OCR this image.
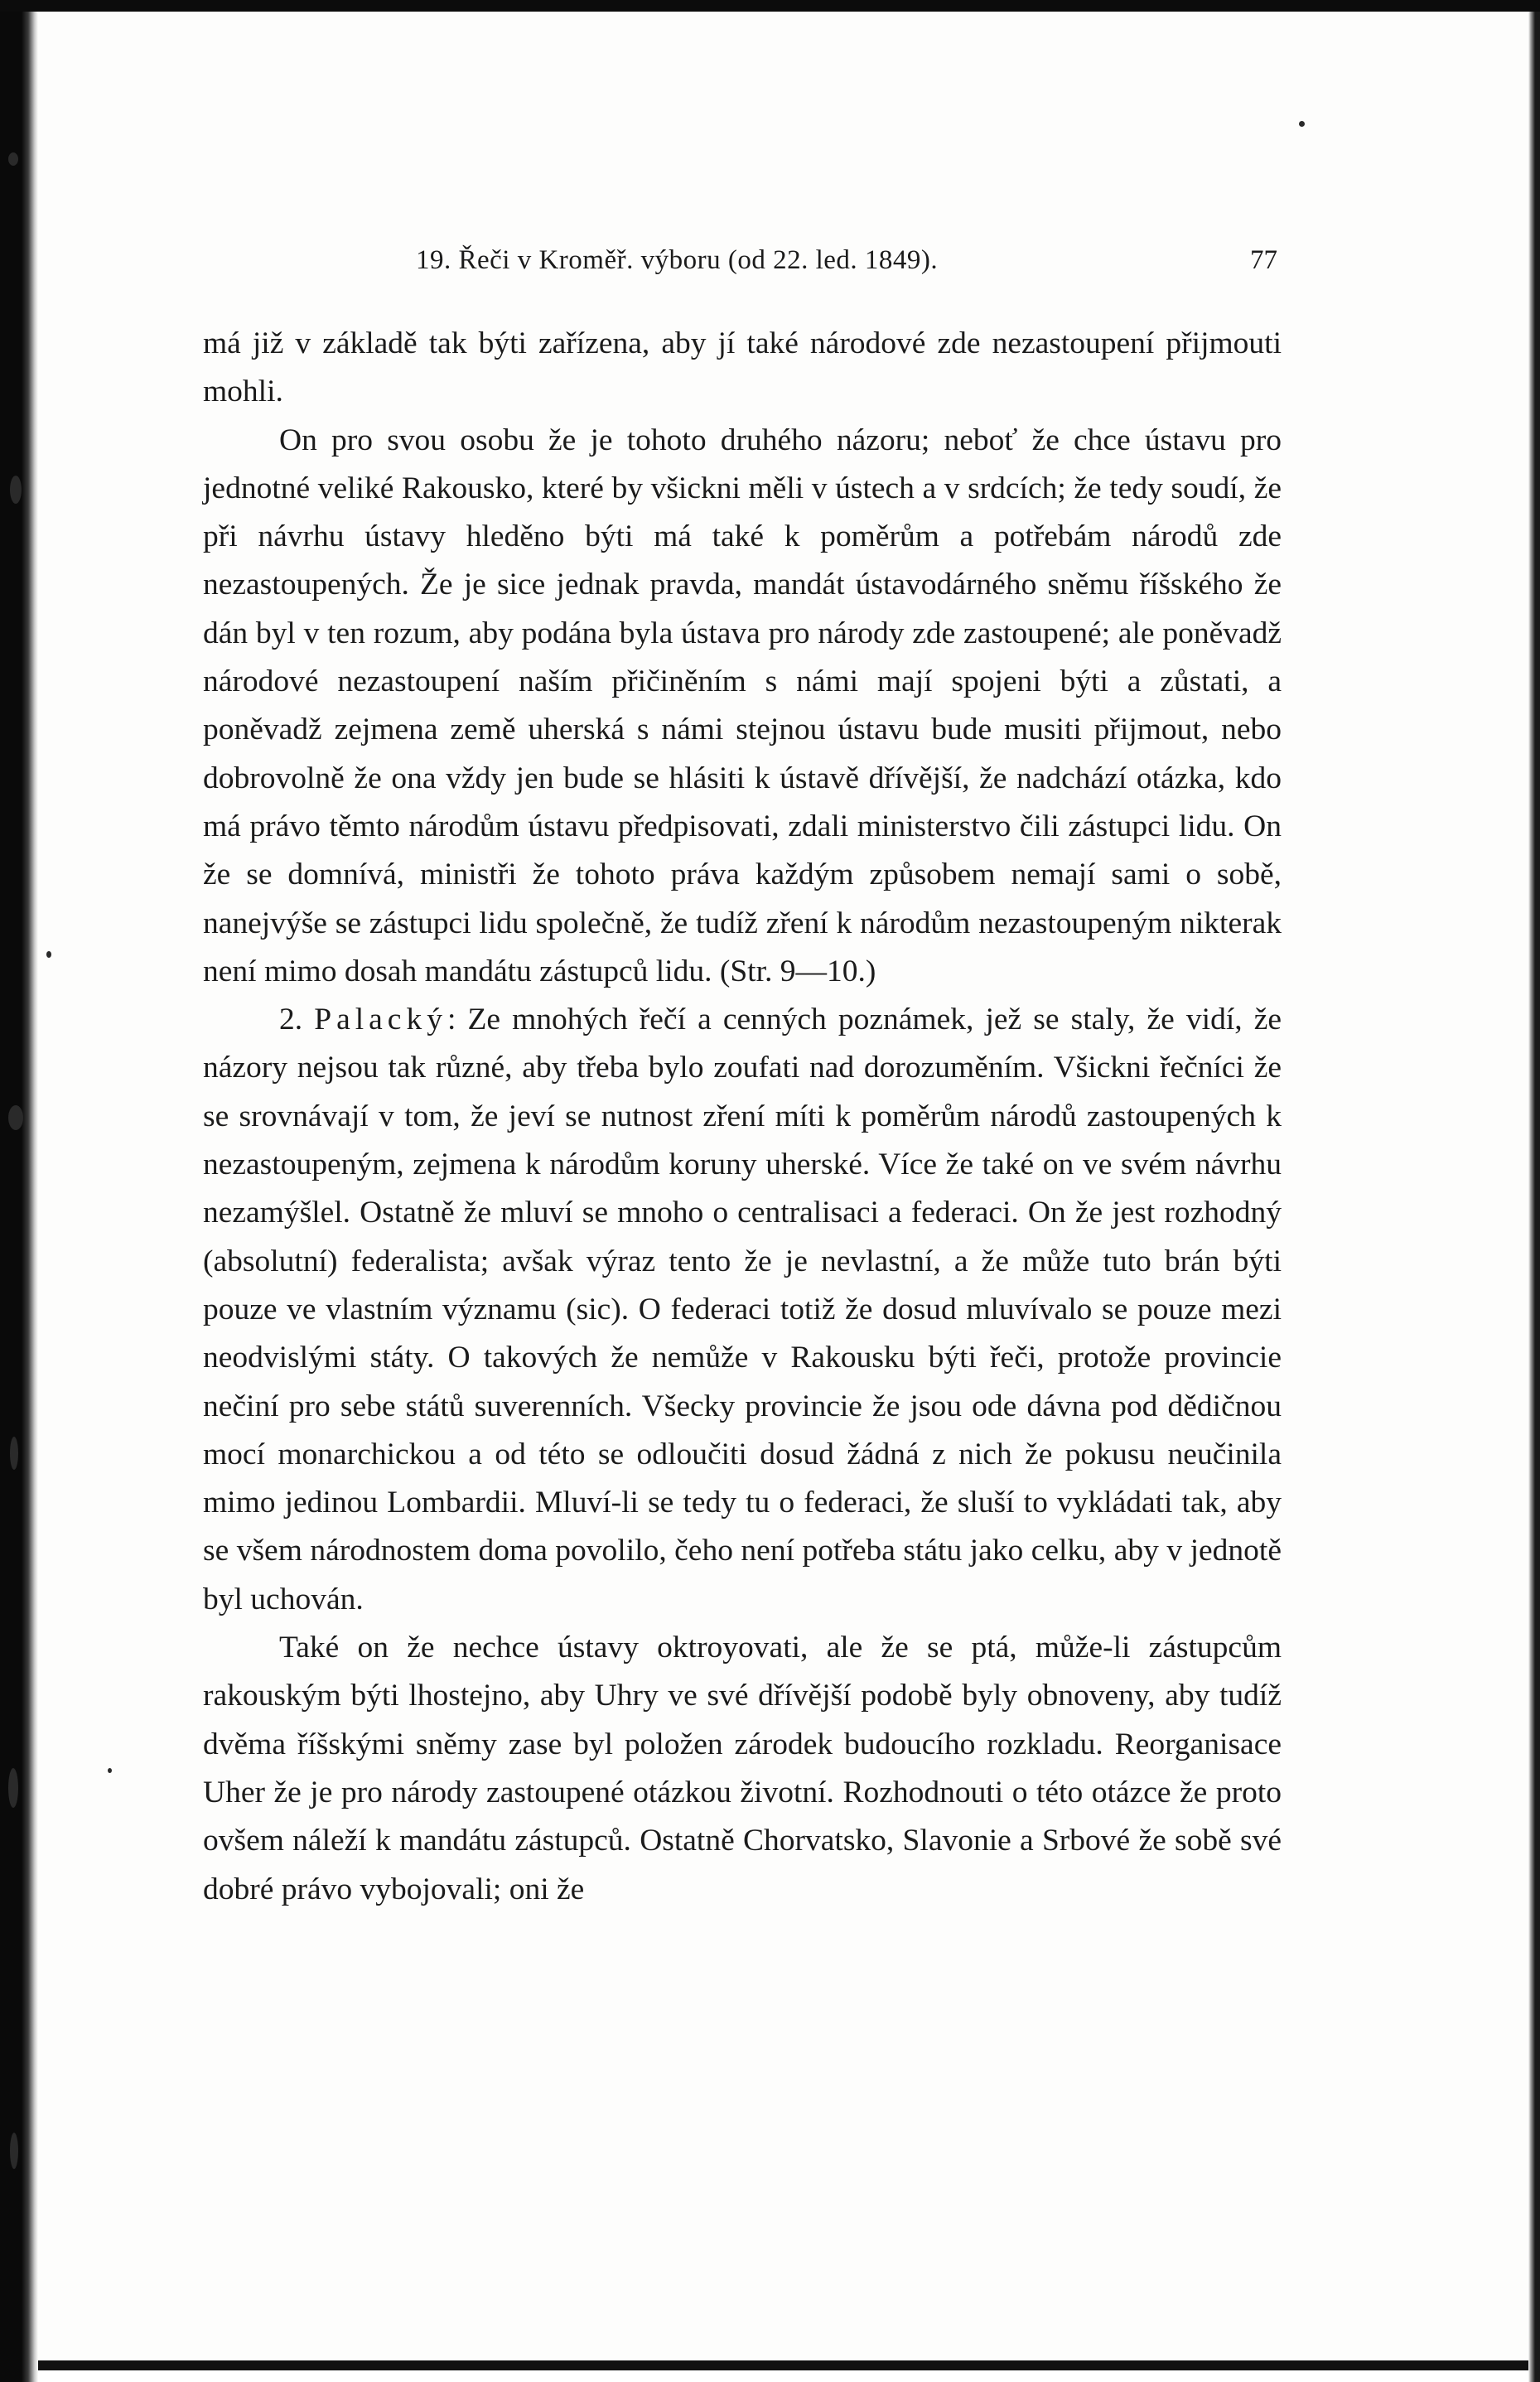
19. Řeči v Kroměř. výboru (od 22. led. 1849).	77

má již v základě tak býti zařízena, aby jí také národové zde nezastoupení přijmouti mohli.

On pro svou osobu že je tohoto druhého názoru; neboť že chce ústavu pro jednotné veliké Rakousko, které by všickni měli v ústech a v srdcích; že tedy soudí, že při návrhu ústavy hleděno býti má také k poměrům a potřebám národů zde nezastoupených. Že je sice jednak pravda, mandát ústavodárného sněmu říšského že dán byl v ten rozum, aby podána byla ústava pro národy zde zastoupené; ale poněvadž národové nezastoupení naším přičiněním s námi mají spojeni býti a zůstati, a poněvadž zejmena země uherská s námi stejnou ústavu bude musiti přijmout, nebo dobrovolně že ona vždy jen bude se hlásiti k ústavě dřívější, že nadchází otázka, kdo má právo těmto národům ústavu předpisovati, zdali ministerstvo čili zástupci lidu. On že se domnívá, ministři že tohoto práva každým způsobem nemají sami o sobě, nanejvýše se zástupci lidu společně, že tudíž zření k národům nezastoupeným nikterak není mimo dosah mandátu zástupců lidu. (Str. 9—10.)

2. Palacký: Ze mnohých řečí a cenných poznámek, jež se staly, že vidí, že názory nejsou tak různé, aby třeba bylo zoufati nad dorozuměním. Všickni řečníci že se srovnávají v tom, že jeví se nutnost zření míti k poměrům národů zastoupených k nezastoupeným, zejmena k národům koruny uherské. Více že také on ve svém návrhu nezamýšlel. Ostatně že mluví se mnoho o centralisaci a federaci. On že jest rozhodný (absolutní) federalista; avšak výraz tento že je nevlastní, a že může tuto brán býti pouze ve vlastním významu (sic). O federaci totiž že dosud mluvívalo se pouze mezi neodvislými státy. O takových že nemůže v Rakousku býti řeči, protože provincie nečiní pro sebe států suverenních. Všecky provincie že jsou ode dávna pod dědičnou mocí monarchickou a od této se odloučiti dosud žádná z nich že pokusu neučinila mimo jedinou Lombardii. Mluví-li se tedy tu o federaci, že sluší to vykládati tak, aby se všem národnostem doma povolilo, čeho není potřeba státu jako celku, aby v jednotě byl uchován.

Také on že nechce ústavy oktroyovati, ale že se ptá, může-li zástupcům rakouským býti lhostejno, aby Uhry ve své dřívější podobě byly obnoveny, aby tudíž dvěma říšskými sněmy zase byl položen zárodek budoucího rozkladu. Reorganisace Uher že je pro národy zastoupené otázkou životní. Rozhodnouti o této otázce že proto ovšem náleží k mandátu zástupců. Ostatně Chorvatsko, Slavonie a Srbové že sobě své dobré právo vybojovali; oni že
